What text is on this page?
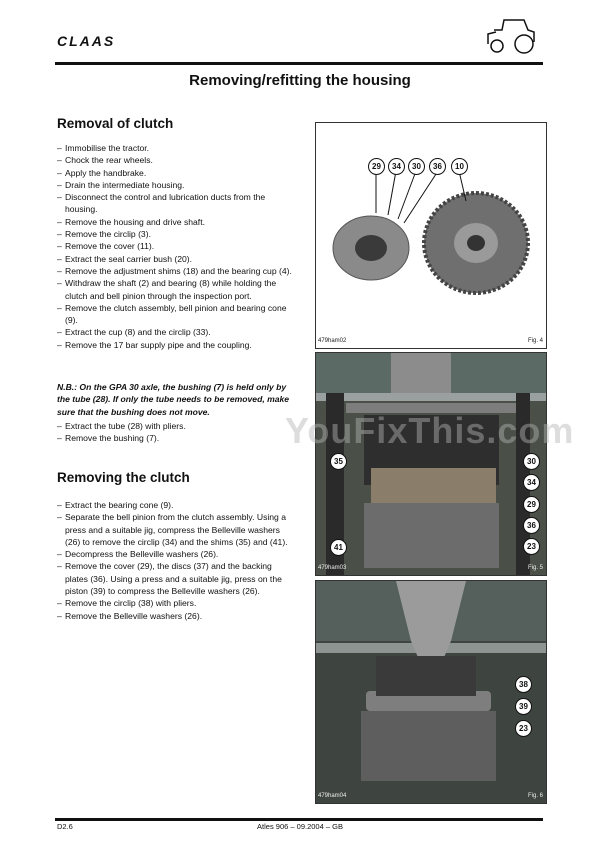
CLAAS
Removing/refitting the housing
Removal of clutch
– Immobilise the tractor.
– Chock the rear wheels.
– Apply the handbrake.
– Drain the intermediate housing.
– Disconnect the control and lubrication ducts from the housing.
– Remove the housing and drive shaft.
– Remove the circlip (3).
– Remove the cover (11).
– Extract the seal carrier bush (20).
– Remove the adjustment shims (18) and the bearing cup (4).
– Withdraw the shaft (2) and bearing (8) while holding the clutch and bell pinion through the inspection port.
– Remove the clutch assembly, bell pinion and bearing cone (9).
– Extract the cup (8) and the circlip (33).
– Remove the 17 bar supply pipe and the coupling.
N.B.: On the GPA 30 axle, the bushing (7) is held only by the tube (28). If only the tube needs to be removed, make sure that the bushing does not move.
– Extract the tube (28) with pliers.
– Remove the bushing (7).
Removing the clutch
– Extract the bearing cone (9).
– Separate the bell pinion from the clutch assembly. Using a press and a suitable jig, compress the Belleville washers (26) to remove the circlip (34) and the shims (35) and (41).
– Decompress the Belleville washers (26).
– Remove the cover (29), the discs (37) and the backing plates (36). Using a press and a suitable jig, press on the piston (39) to compress the Belleville washers (26).
– Remove the circlip (38) with pliers.
– Remove the Belleville washers (26).
29	34	30	36	10
479ham02	Fig. 4
35
41
30
34
29
36
23
479ham03	Fig. 5
38
39
23
479ham04	Fig. 6
YouFixThis.com
D2.6	Atles 906 – 09.2004 – GB
